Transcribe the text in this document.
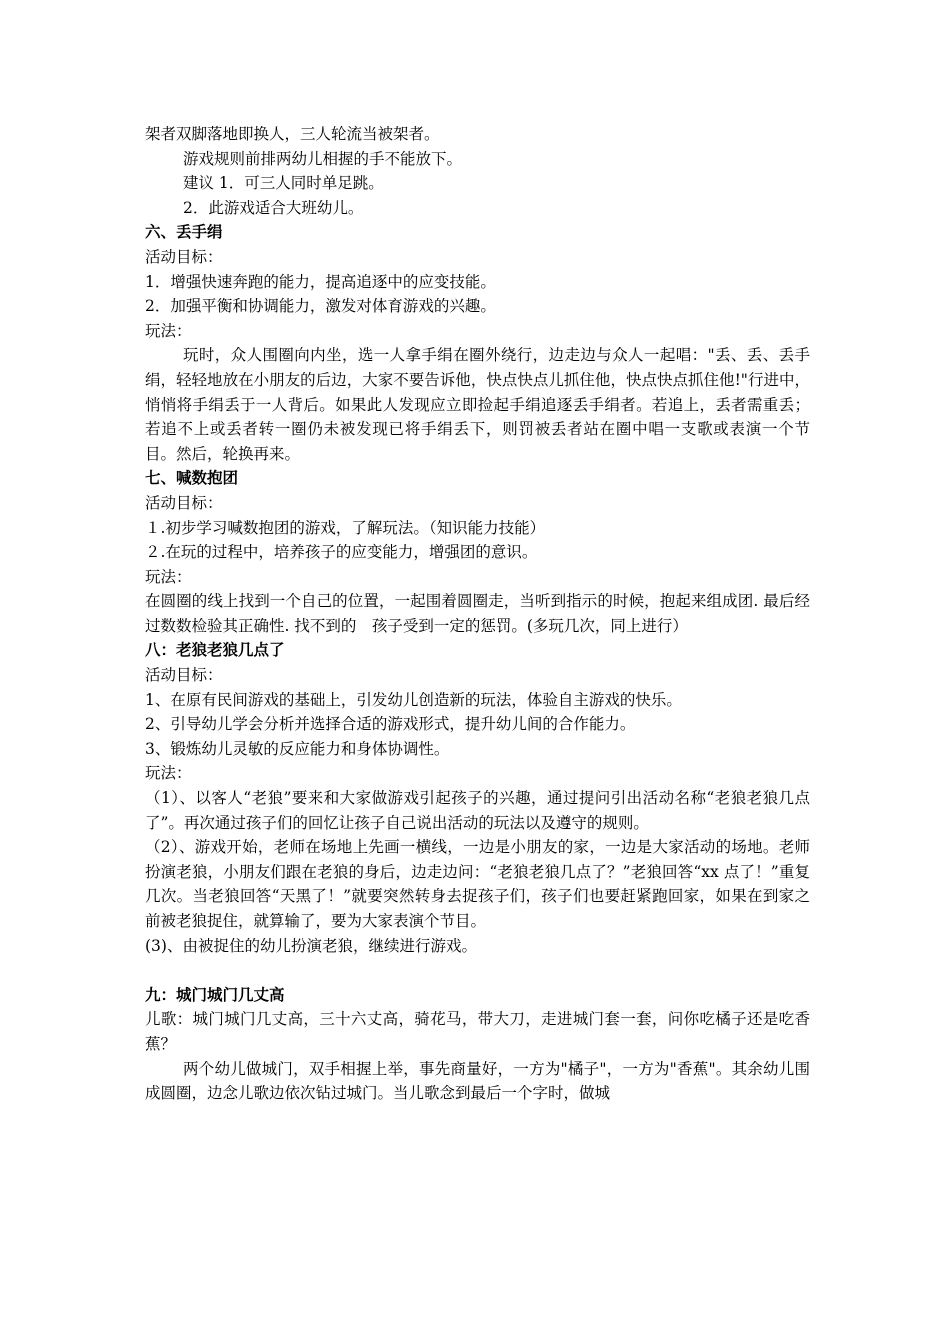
架者双脚落地即换人，三人轮流当被架者。

游戏规则前排两幼儿相握的手不能放下。

建议 1．可三人同时单足跳。

2．此游戏适合大班幼儿。

六、丢手绢

活动目标：

1．增强快速奔跑的能力，提高追逐中的应变技能。

2．加强平衡和协调能力，激发对体育游戏的兴趣。

玩法：

玩时，众人围圈向内坐，选一人拿手绢在圈外绕行，边走边与众人一起唱："丢、丢、丢手绢，轻轻地放在小朋友的后边，大家不要告诉他，快点快点儿抓住他，快点快点抓住他!"行进中，悄悄将手绢丢于一人背后。如果此人发现应立即捡起手绢追逐丢手绢者。若追上，丢者需重丢；若追不上或丢者转一圈仍未被发现已将手绢丢下，则罚被丢者站在圈中唱一支歌或表演一个节目。然后，轮换再来。

七、喊数抱团

活动目标：

１.初步学习喊数抱团的游戏，了解玩法。（知识能力技能）

２.在玩的过程中，培养孩子的应变能力，增强团的意识。

玩法：

在圆圈的线上找到一个自己的位置，一起围着圆圈走，当听到指示的时候，抱起来组成团. 最后经过数数检验其正确性. 找不到的　孩子受到一定的惩罚。(多玩几次，同上进行）

八：老狼老狼几点了

活动目标：

1、在原有民间游戏的基础上，引发幼儿创造新的玩法，体验自主游戏的快乐。

2、引导幼儿学会分析并选择合适的游戏形式，提升幼儿间的合作能力。

3、锻炼幼儿灵敏的反应能力和身体协调性。

玩法：

（1）、以客人“老狼”要来和大家做游戏引起孩子的兴趣，通过提问引出活动名称“老狼老狼几点了”。再次通过孩子们的回忆让孩子自己说出活动的玩法以及遵守的规则。

（2）、游戏开始，老师在场地上先画一横线，一边是小朋友的家，一边是大家活动的场地。老师扮演老狼，小朋友们跟在老狼的身后，边走边问：“老狼老狼几点了？”老狼回答“xx 点了！”重复几次。当老狼回答“天黑了！”就要突然转身去捉孩子们，孩子们也要赶紧跑回家，如果在到家之前被老狼捉住，就算输了，要为大家表演个节目。

(3)、由被捉住的幼儿扮演老狼，继续进行游戏。

九：城门城门几丈高

儿歌：城门城门几丈高，三十六丈高，骑花马，带大刀，走进城门套一套，问你吃橘子还是吃香蕉？

两个幼儿做城门，双手相握上举，事先商量好，一方为"橘子"，一方为"香蕉"。其余幼儿围成圆圈，边念儿歌边依次钻过城门。当儿歌念到最后一个字时，做城
